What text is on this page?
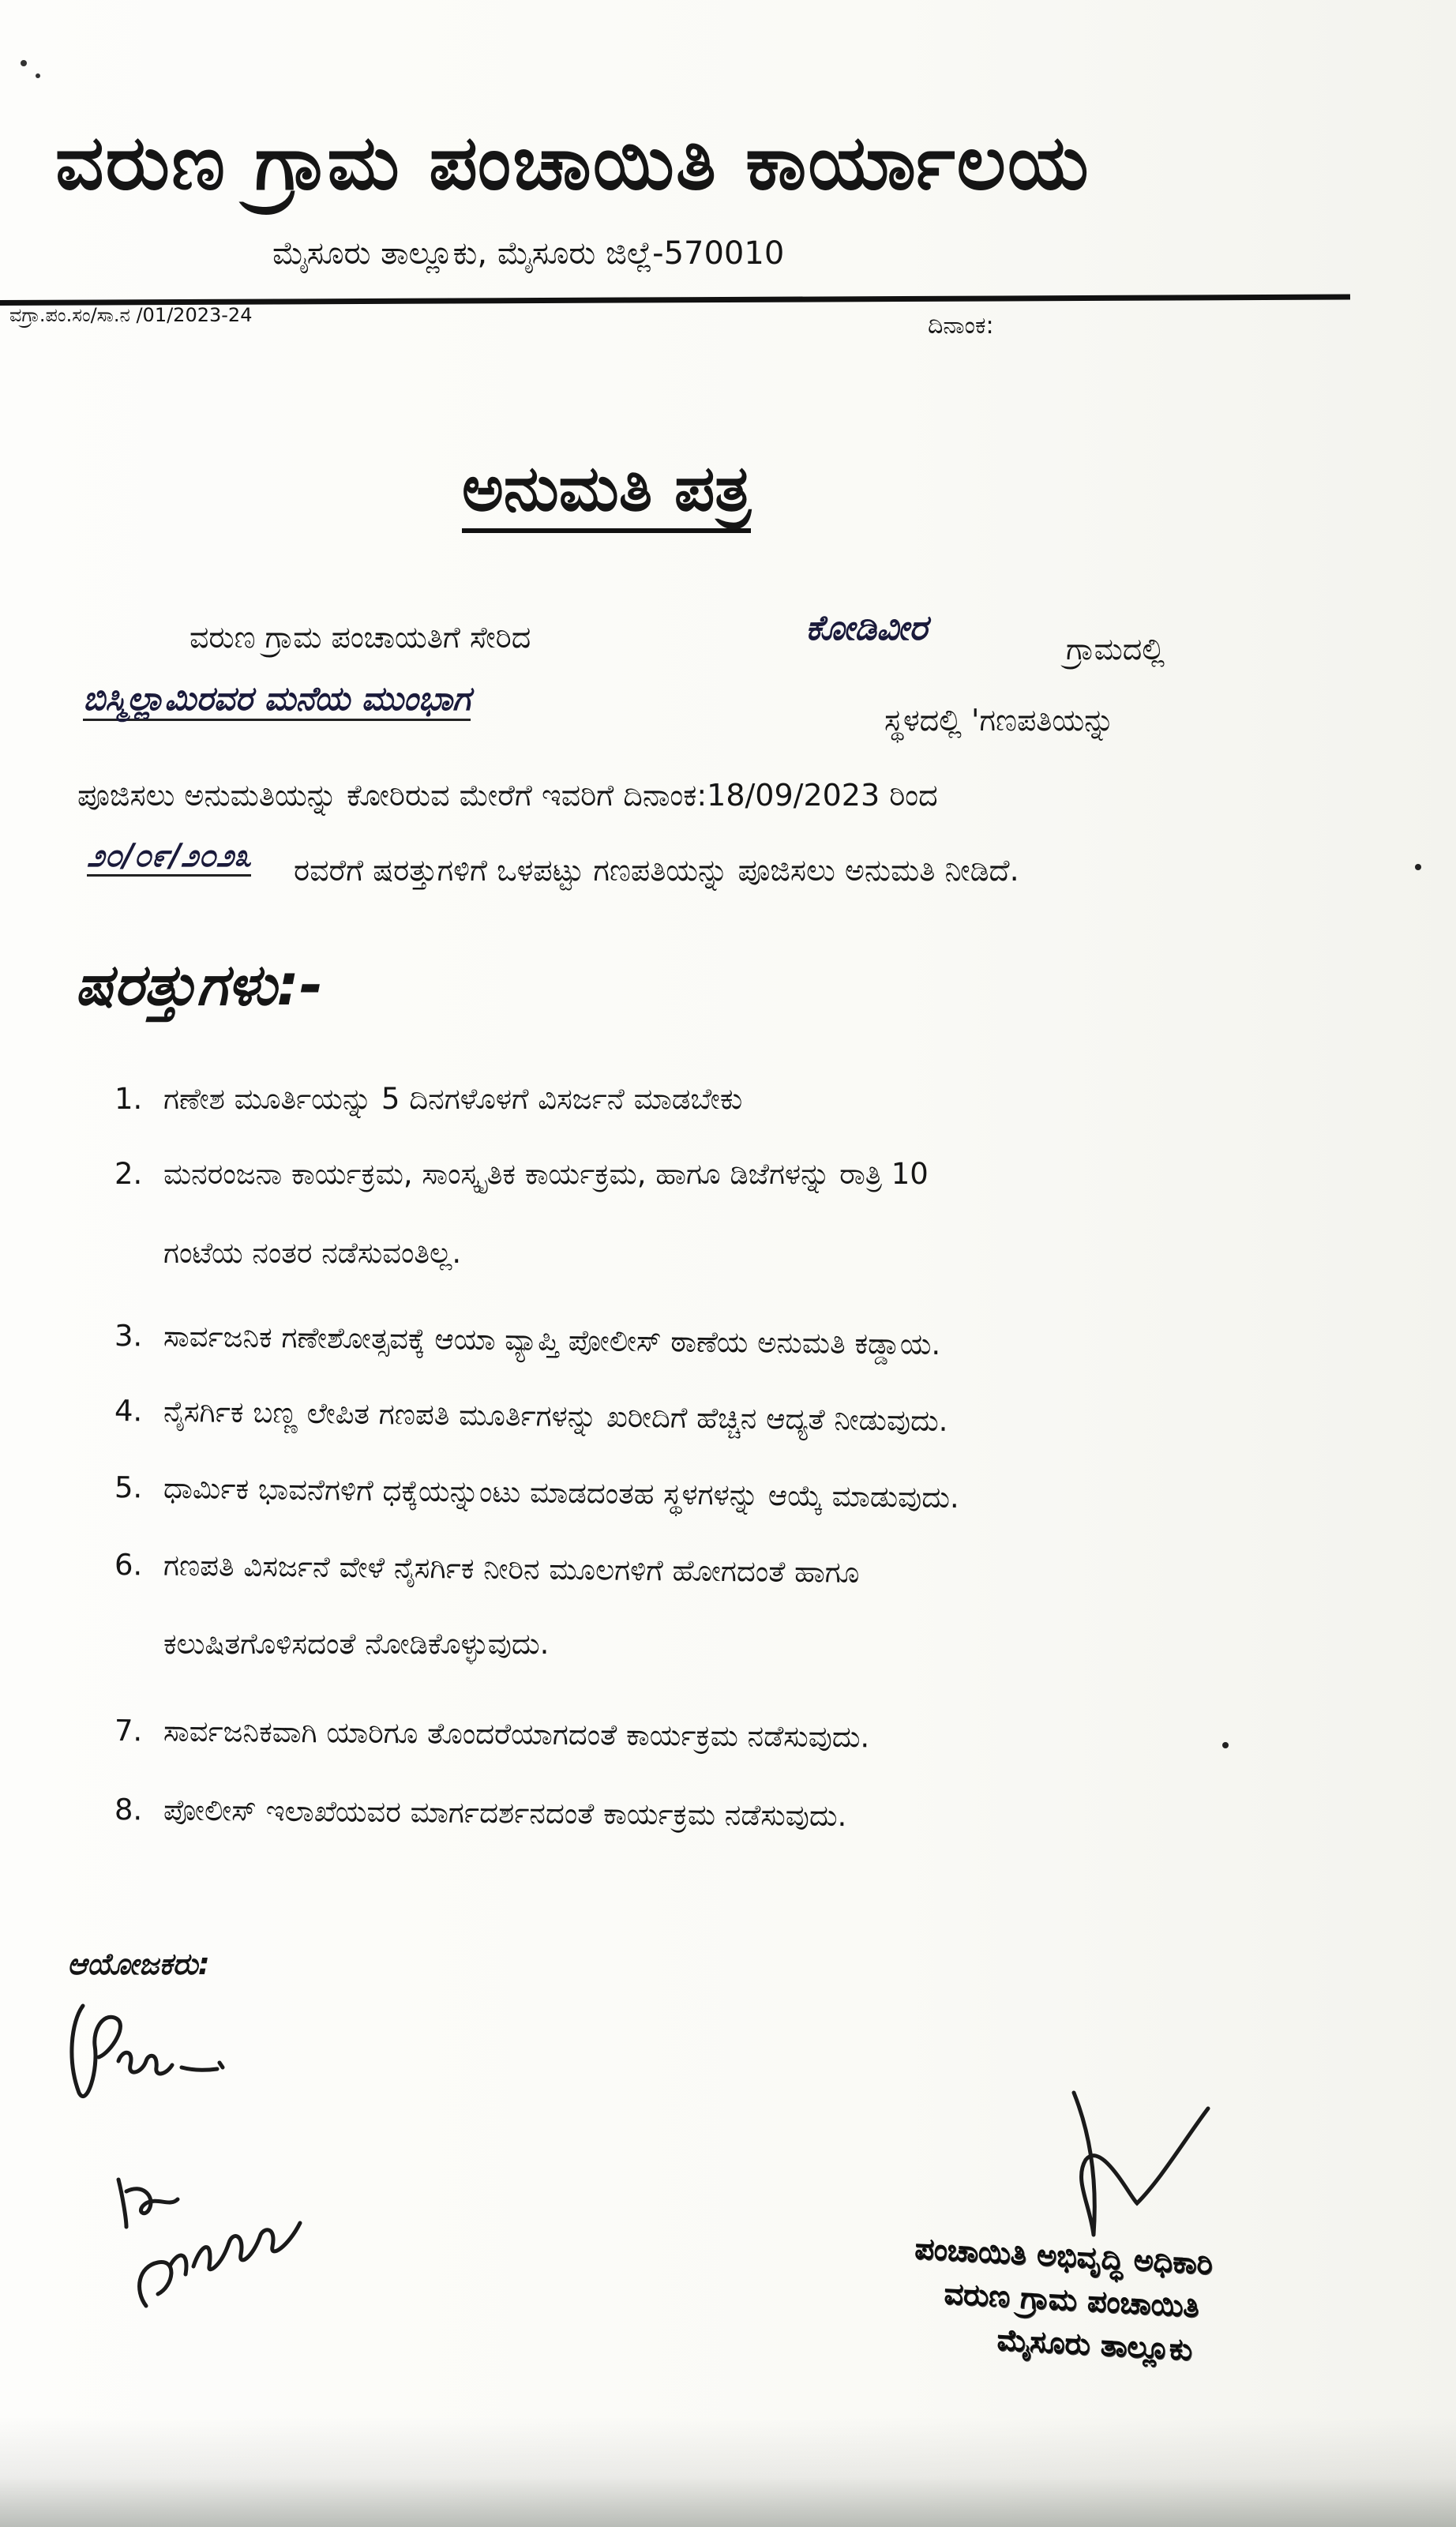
ವರುಣ ಗ್ರಾಮ ಪಂಚಾಯಿತಿ ಕಾರ್ಯಾಲಯ
ಮೈಸೂರು ತಾಲ್ಲೂಕು, ಮೈಸೂರು ಜಿಲ್ಲೆ-570010
ವಗ್ರಾ.ಪಂ.ಸಂ/ಸಾ.ನ /01/2023-24	ದಿನಾಂಕ:
ಅನುಮತಿ ಪತ್ರ
ವರುಣ ಗ್ರಾಮ ಪಂಚಾಯತಿಗೆ ಸೇರಿದ	ಕೋಡಿವೀರ
ಗ್ರಾಮದಲ್ಲಿ
ಬಿಸ್ಮಿಲ್ಲಾಮಿರವರ ಮನೆಯ ಮುಂಭಾಗ
ಸ್ಥಳದಲ್ಲಿ 'ಗಣಪತಿಯನ್ನು
ಪೂಜಿಸಲು ಅನುಮತಿಯನ್ನು ಕೋರಿರುವ ಮೇರೆಗೆ ಇವರಿಗೆ ದಿನಾಂಕ:18/09/2023 ರಿಂದ
೨೦/೦೯/೨೦೨೩ ರವರೆಗೆ ಷರತ್ತುಗಳಿಗೆ ಒಳಪಟ್ಟು ಗಣಪತಿಯನ್ನು ಪೂಜಿಸಲು ಅನುಮತಿ ನೀಡಿದೆ.
ಷರತ್ತುಗಳು:-
1. ಗಣೇಶ ಮೂರ್ತಿಯನ್ನು 5 ದಿನಗಳೊಳಗೆ ವಿಸರ್ಜನೆ ಮಾಡಬೇಕು
2. ಮನರಂಜನಾ ಕಾರ್ಯಕ್ರಮ, ಸಾಂಸ್ಕೃತಿಕ ಕಾರ್ಯಕ್ರಮ, ಹಾಗೂ ಡಿಜೆಗಳನ್ನು ರಾತ್ರಿ 10
ಗಂಟೆಯ ನಂತರ ನಡೆಸುವಂತಿಲ್ಲ.
3. ಸಾರ್ವಜನಿಕ ಗಣೇಶೋತ್ಸವಕ್ಕೆ ಆಯಾ ವ್ಯಾಪ್ತಿ ಪೋಲೀಸ್ ಠಾಣೆಯ ಅನುಮತಿ ಕಡ್ಡಾಯ.
4. ನೈಸರ್ಗಿಕ ಬಣ್ಣ ಲೇಪಿತ ಗಣಪತಿ ಮೂರ್ತಿಗಳನ್ನು ಖರೀದಿಗೆ ಹೆಚ್ಚಿನ ಆದ್ಯತೆ ನೀಡುವುದು.
5. ಧಾರ್ಮಿಕ ಭಾವನೆಗಳಿಗೆ ಧಕ್ಕೆಯನ್ನುಂಟು ಮಾಡದಂತಹ ಸ್ಥಳಗಳನ್ನು ಆಯ್ಕೆ ಮಾಡುವುದು.
6. ಗಣಪತಿ ವಿಸರ್ಜನೆ ವೇಳೆ ನೈಸರ್ಗಿಕ ನೀರಿನ ಮೂಲಗಳಿಗೆ ಹೋಗದಂತೆ ಹಾಗೂ
ಕಲುಷಿತಗೊಳಿಸದಂತೆ ನೋಡಿಕೊಳ್ಳುವುದು.
7. ಸಾರ್ವಜನಿಕವಾಗಿ ಯಾರಿಗೂ ತೊಂದರೆಯಾಗದಂತೆ ಕಾರ್ಯಕ್ರಮ ನಡೆಸುವುದು.
8. ಪೋಲೀಸ್ ಇಲಾಖೆಯವರ ಮಾರ್ಗದರ್ಶನದಂತೆ ಕಾರ್ಯಕ್ರಮ ನಡೆಸುವುದು.
ಆಯೋಜಕರು:
ಪಂಚಾಯಿತಿ ಅಭಿವೃದ್ಧಿ ಅಧಿಕಾರಿ
ವರುಣ ಗ್ರಾಮ ಪಂಚಾಯಿತಿ
ಮೈಸೂರು ತಾಲ್ಲೂಕು
